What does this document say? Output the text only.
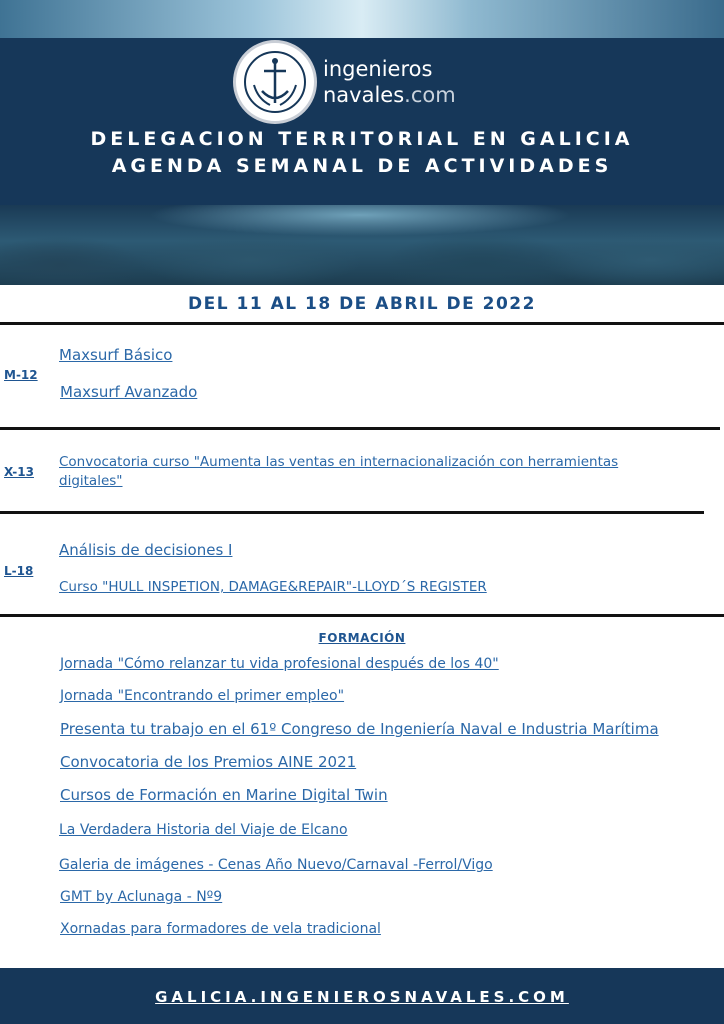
ingenieros
navales.com
DELEGACION TERRITORIAL EN GALICIA
AGENDA SEMANAL DE ACTIVIDADES
DEL 11 AL 18 DE ABRIL DE 2022
M-12
Maxsurf Básico
Maxsurf Avanzado
X-13
Convocatoria curso "Aumenta las ventas en internacionalización con herramientas digitales"
L-18
Análisis de decisiones I
Curso "HULL INSPETION, DAMAGE&REPAIR"-LLOYD´S REGISTER
FORMACIÓN
Jornada "Cómo relanzar tu vida profesional después de los 40"
Jornada "Encontrando el primer empleo"
Presenta tu trabajo en el 61º Congreso de Ingeniería Naval e Industria Marítima
Convocatoria de los Premios AINE 2021
Cursos de Formación en Marine Digital Twin
La Verdadera Historia del Viaje de Elcano
Galeria de imágenes - Cenas Año Nuevo/Carnaval -Ferrol/Vigo
GMT by Aclunaga - Nº9
Xornadas para formadores de vela tradicional
GALICIA.INGENIEROSNAVALES.COM
